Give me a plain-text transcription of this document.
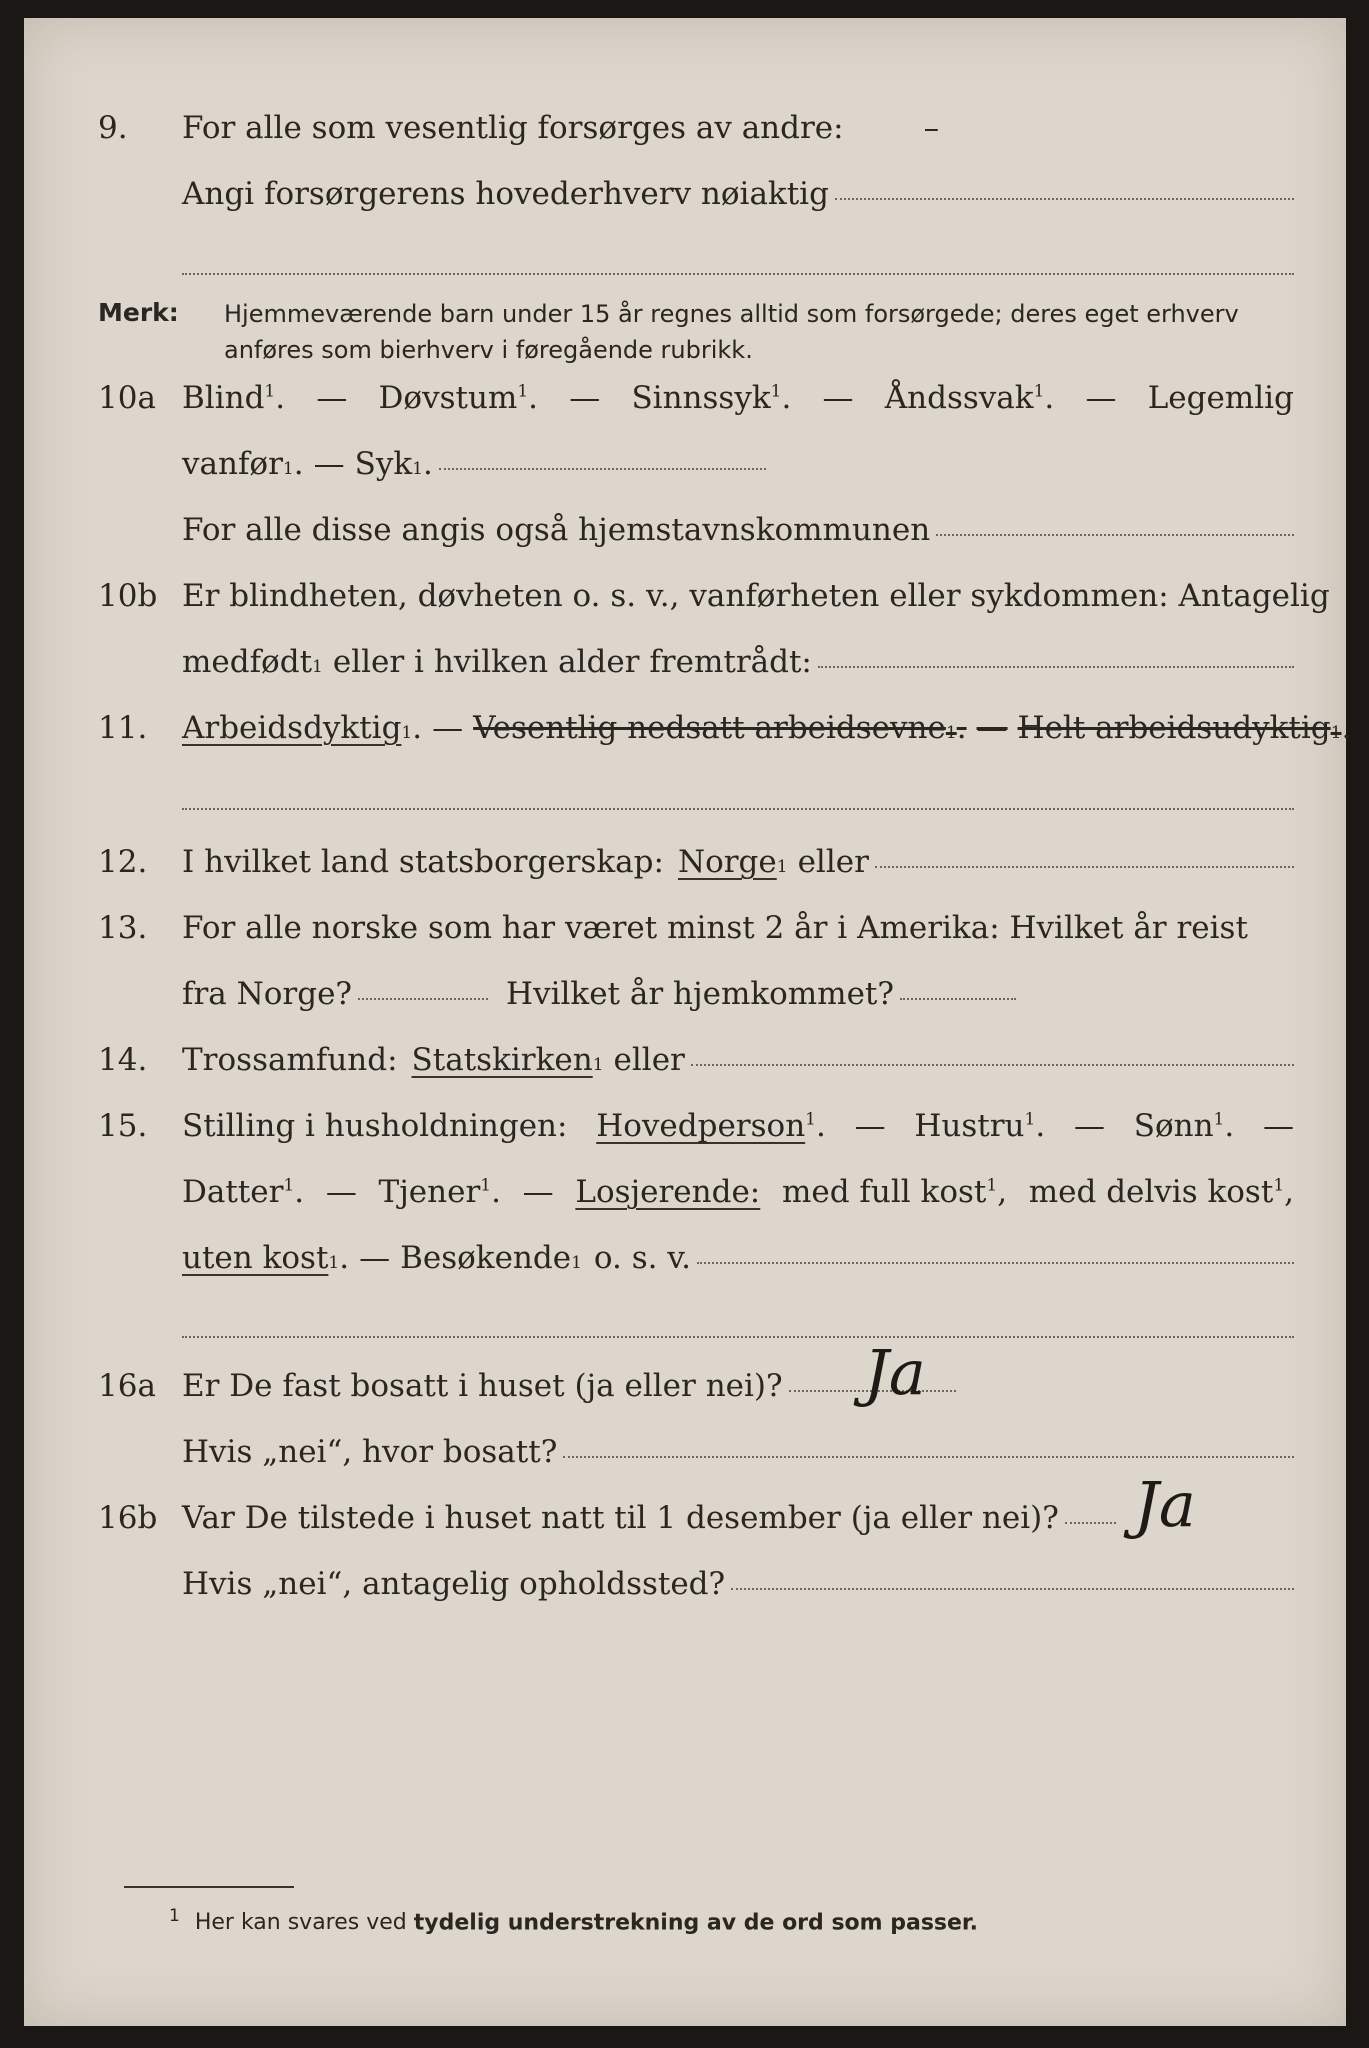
9.	For alle som vesentlig forsørges av andre:	–
Angi forsørgerens hovederhverv nøiaktig
Merk: Hjemmeværende barn under 15 år regnes alltid som forsørgede; deres eget erhverv anføres som bierhverv i føregående rubrikk.
10a Blind$^1$. — Døvstum$^1$. — Sinnssyk$^1$. — Åndssvak$^1$. — Legemlig
vanfør 1 . — Syk 1 .
For alle disse angis også hjemstavnskommunen
10b Er blindheten, døvheten o. s. v., vanførheten eller sykdommen: Antagelig
medfødt 1 eller i hvilken alder fremtrådt:
11.	Arbeidsdyktig 1 . — Vesentlig nedsatt arbeidsevne 1 . — Helt arbeidsudyktig 1 .
12.	I hvilket land statsborgerskap: Norge 1 eller
13.	For alle norske som har været minst 2 år i Amerika: Hvilket år reist
fra Norge?	Hvilket år hjemkommet?
14.	Trossamfund: Statskirken 1 eller
15.	Stilling i husholdningen: Hovedperson$^1$. — Hustru$^1$. — Sønn$^1$. —
Datter$^1$. — Tjener$^1$. — Losjerende: med full kost$^1$, med delvis kost$^1$,
uten kost 1 . — Besøkende 1 o. s. v.
16a Er De fast bosatt i huset (ja eller nei)? Ja
Hvis „nei“, hvor bosatt?
16b Var De tilstede i huset natt til 1 desember (ja eller nei)? Ja
Hvis „nei“, antagelig opholdssted?
$^1$ Her kan svares ved tydelig understrekning av de ord som passer.
